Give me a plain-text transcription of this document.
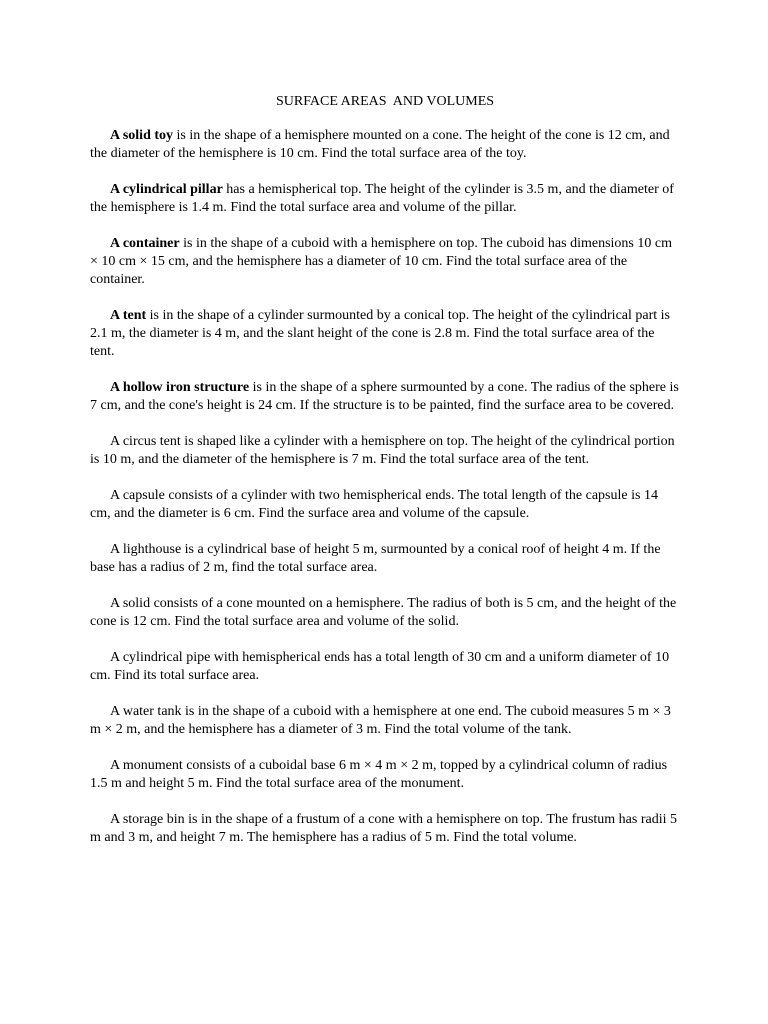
SURFACE AREAS  AND VOLUMES

A solid toy is in the shape of a hemisphere mounted on a cone. The height of the cone is 12 cm, and the diameter of the hemisphere is 10 cm. Find the total surface area of the toy.

A cylindrical pillar has a hemispherical top. The height of the cylinder is 3.5 m, and the diameter of the hemisphere is 1.4 m. Find the total surface area and volume of the pillar.

A container is in the shape of a cuboid with a hemisphere on top. The cuboid has dimensions 10 cm × 10 cm × 15 cm, and the hemisphere has a diameter of 10 cm. Find the total surface area of the container.

A tent is in the shape of a cylinder surmounted by a conical top. The height of the cylindrical part is 2.1 m, the diameter is 4 m, and the slant height of the cone is 2.8 m. Find the total surface area of the tent.

A hollow iron structure is in the shape of a sphere surmounted by a cone. The radius of the sphere is 7 cm, and the cone's height is 24 cm. If the structure is to be painted, find the surface area to be covered.

A circus tent is shaped like a cylinder with a hemisphere on top. The height of the cylindrical portion is 10 m, and the diameter of the hemisphere is 7 m. Find the total surface area of the tent.

A capsule consists of a cylinder with two hemispherical ends. The total length of the capsule is 14 cm, and the diameter is 6 cm. Find the surface area and volume of the capsule.

A lighthouse is a cylindrical base of height 5 m, surmounted by a conical roof of height 4 m. If the base has a radius of 2 m, find the total surface area.

A solid consists of a cone mounted on a hemisphere. The radius of both is 5 cm, and the height of the cone is 12 cm. Find the total surface area and volume of the solid.

A cylindrical pipe with hemispherical ends has a total length of 30 cm and a uniform diameter of 10 cm. Find its total surface area.

A water tank is in the shape of a cuboid with a hemisphere at one end. The cuboid measures 5 m × 3 m × 2 m, and the hemisphere has a diameter of 3 m. Find the total volume of the tank.

A monument consists of a cuboidal base 6 m × 4 m × 2 m, topped by a cylindrical column of radius 1.5 m and height 5 m. Find the total surface area of the monument.

A storage bin is in the shape of a frustum of a cone with a hemisphere on top. The frustum has radii 5 m and 3 m, and height 7 m. The hemisphere has a radius of 5 m. Find the total volume.
